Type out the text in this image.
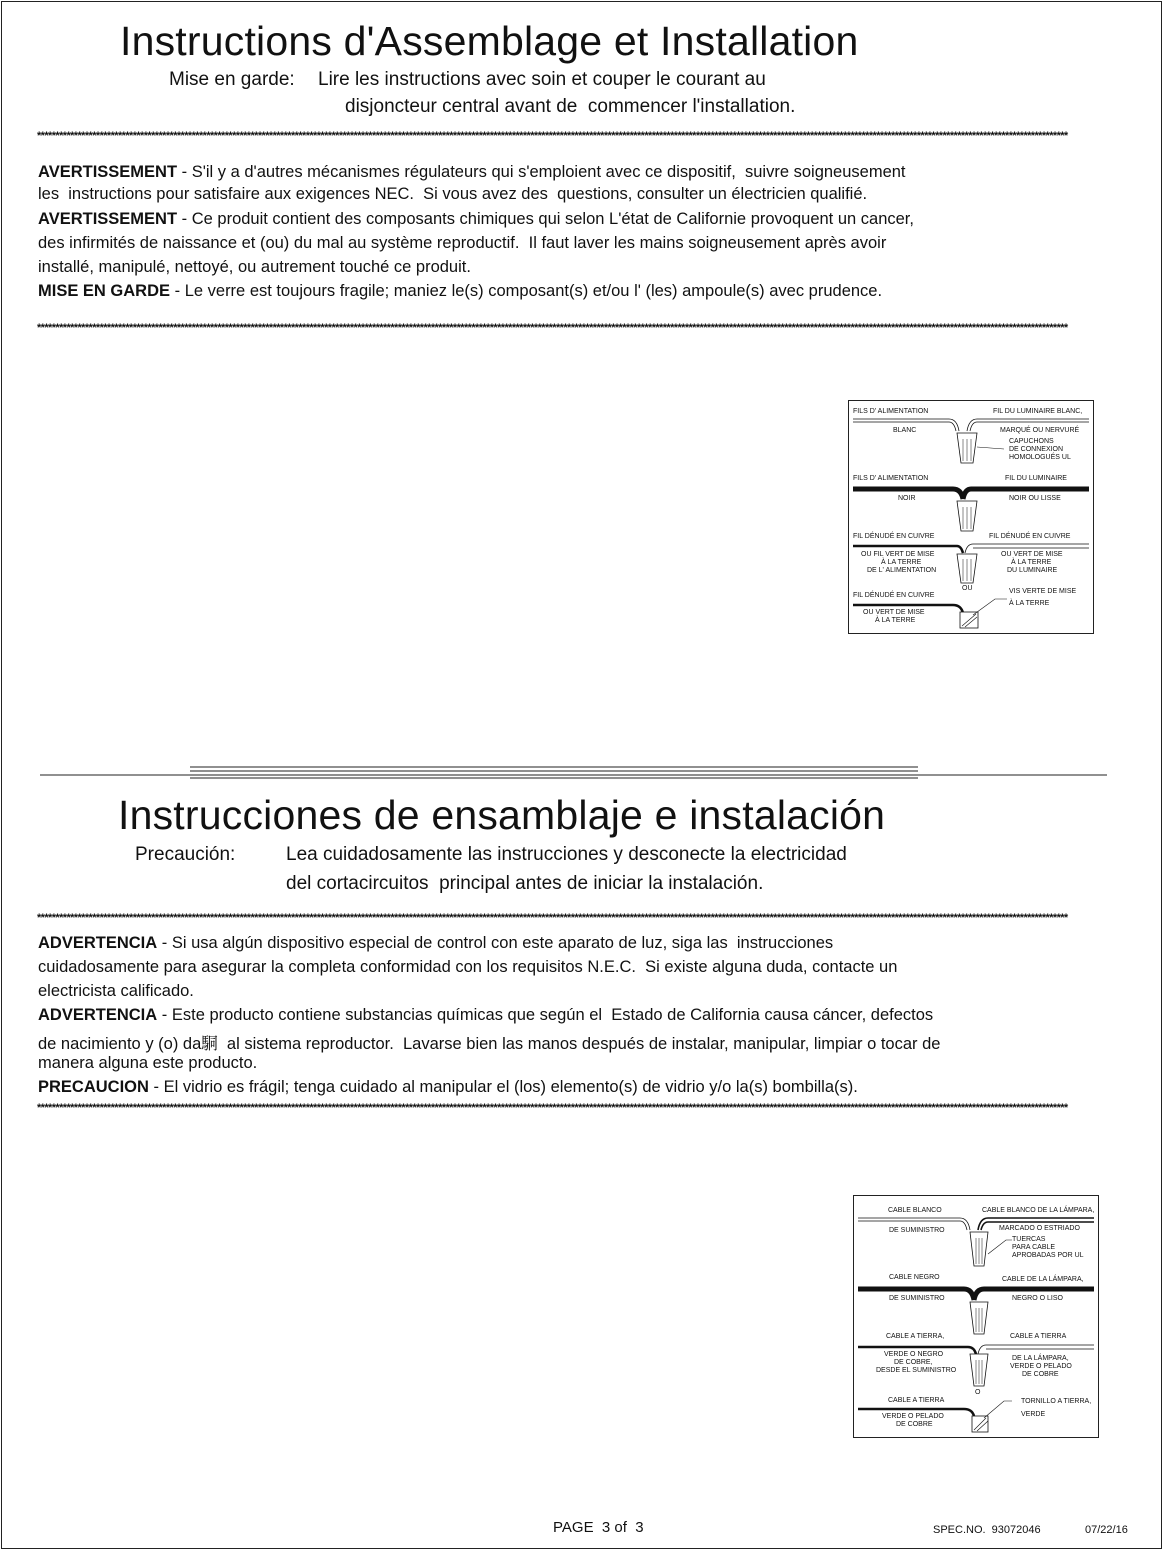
Instructions d'Assemblage et Installation
Mise en garde: Lire les instructions avec soin et couper le courant au
disjoncteur central avant de  commencer l'installation.
****************************************************************************************************************************************************************************************************************************************************************************************
AVERTISSEMENT - S'il y a d'autres mécanismes régulateurs qui s'emploient avec ce dispositif,  suivre soigneusement
les  instructions pour satisfaire aux exigences NEC.  Si vous avez des  questions, consulter un électricien qualifié.
AVERTISSEMENT - Ce produit contient des composants chimiques qui selon L'état de Californie provoquent un cancer,
des infirmités de naissance et (ou) du mal au système reproductif.  Il faut laver les mains soigneusement après avoir
installé, manipulé, nettoyé, ou autrement touché ce produit.
MISE EN GARDE - Le verre est toujours fragile; maniez le(s) composant(s) et/ou l' (les) ampoule(s) avec prudence.
****************************************************************************************************************************************************************************************************************************************************************************************
FILS D' ALIMENTATION	FIL DU LUMINAIRE BLANC,
BLANC	MARQUÉ OU NERVURÉ
CAPUCHONS
DE CONNEXION
HOMOLOGUÉS UL
FILS D' ALIMENTATION	FIL DU LUMINAIRE
NOIR	NOIR OU LISSE
FIL DÉNUDÉ EN CUIVRE	FIL DÉNUDÉ EN CUIVRE
OU FIL VERT DE MISE
À LA TERRE
DE L' ALIMENTATION
OU VERT DE MISE
À LA TERRE
DU LUMINAIRE
OU
FIL DÉNUDÉ EN CUIVRE
OU VERT DE MISE
À LA TERRE
VIS VERTE DE MISE
À LA TERRE
Instrucciones de ensamblaje e instalación
Precaución:	Lea cuidadosamente las instrucciones y desconecte la electricidad
del cortacircuitos  principal antes de iniciar la instalación.
****************************************************************************************************************************************************************************************************************************************************************************************
ADVERTENCIA - Si usa algún dispositivo especial de control con este aparato de luz, siga las  instrucciones
cuidadosamente para asegurar la completa conformidad con los requisitos N.E.C.  Si existe alguna duda, contacte un
electricista calificado.
ADVERTENCIA - Este producto contiene substancias químicas que según el  Estado de California causa cáncer, defectos
de nacimiento y (o) da駧  al sistema reproductor.  Lavarse bien las manos después de instalar, manipular, limpiar o tocar de
manera alguna este producto.
PRECAUCION - El vidrio es frágil; tenga cuidado al manipular el (los) elemento(s) de vidrio y/o la(s) bombilla(s).
****************************************************************************************************************************************************************************************************************************************************************************************
CABLE BLANCO	CABLE BLANCO DE LA LÁMPARA,
DE SUMINISTRO	MARCADO O ESTRIADO
TUERCAS
PARA CABLE
APROBADAS POR UL
CABLE NEGRO	CABLE DE LA LÁMPARA,
DE SUMINISTRO	NEGRO O LISO
CABLE A TIERRA,	CABLE A TIERRA
VERDE O NEGRO
DE COBRE,
DESDE EL SUMINISTRO
DE LA LÁMPARA,
VERDE O PELADO
DE COBRE
O
CABLE A TIERRA
VERDE O PELADO
DE COBRE
TORNILLO A TIERRA,
VERDE
PAGE  3 of  3	SPEC.NO.  93072046	07/22/16
